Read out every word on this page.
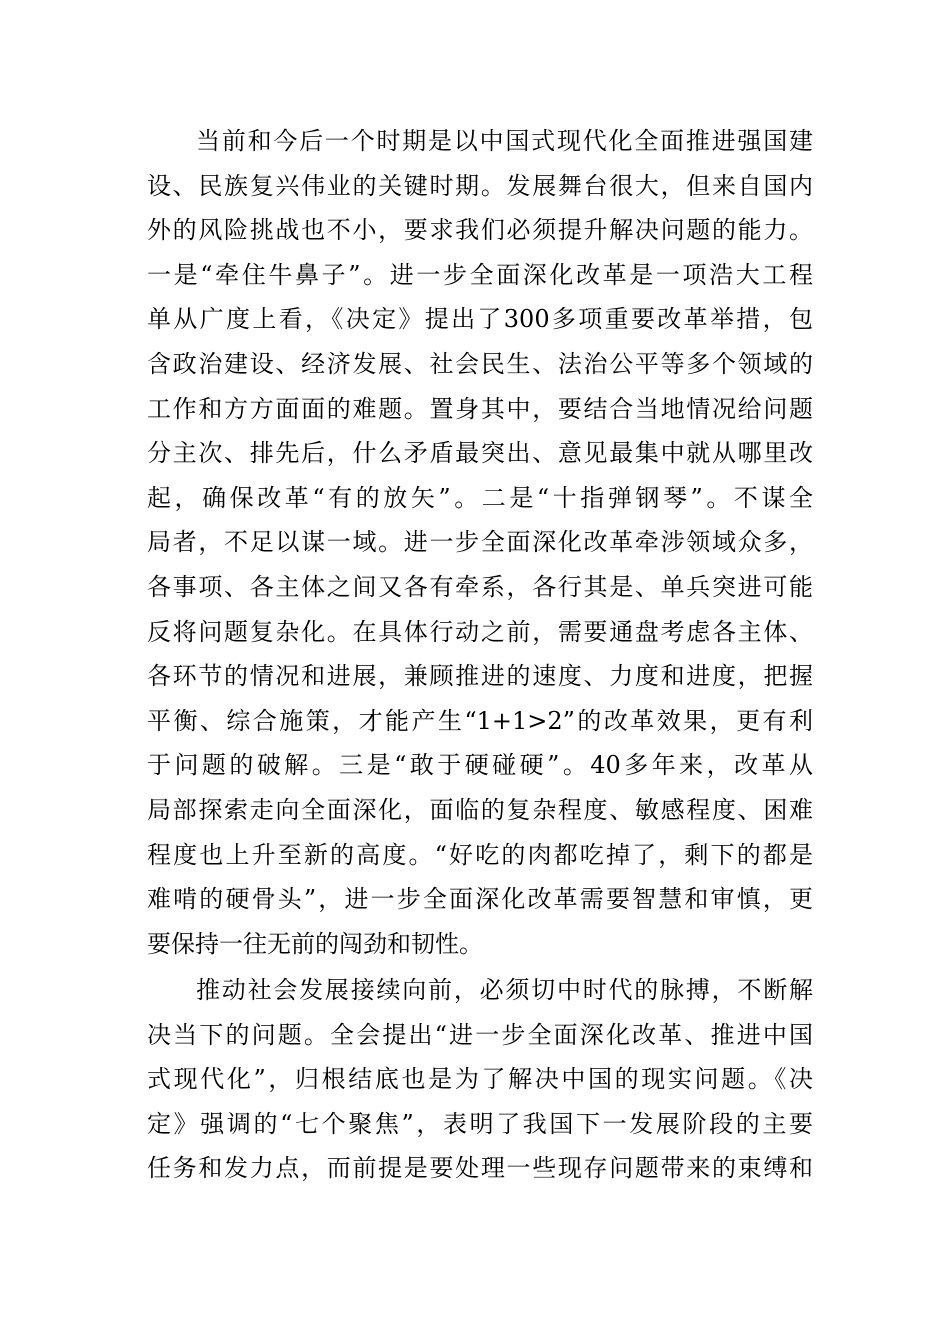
当前和今后一个时期是以中国式现代化全面推进强国建
设、民族复兴伟业的关键时期。发展舞台很大，但来自国内
外的风险挑战也不小，要求我们必须提升解决问题的能力。
一是“牵住牛鼻子”。进一步全面深化改革是一项浩大工程
单从广度上看，《决定》提出了300多项重要改革举措，包
含政治建设、经济发展、社会民生、法治公平等多个领域的
工作和方方面面的难题。置身其中，要结合当地情况给问题
分主次、排先后，什么矛盾最突出、意见最集中就从哪里改
起，确保改革“有的放矢”。二是“十指弹钢琴”。不谋全
局者，不足以谋一域。进一步全面深化改革牵涉领域众多，
各事项、各主体之间又各有牵系，各行其是、单兵突进可能
反将问题复杂化。在具体行动之前，需要通盘考虑各主体、
各环节的情况和进展，兼顾推进的速度、力度和进度，把握
平衡、综合施策，才能产生“1+1>2”的改革效果，更有利
于问题的破解。三是“敢于硬碰硬”。40多年来，改革从
局部探索走向全面深化，面临的复杂程度、敏感程度、困难
程度也上升至新的高度。“好吃的肉都吃掉了，剩下的都是
难啃的硬骨头”，进一步全面深化改革需要智慧和审慎，更
要保持一往无前的闯劲和韧性。
推动社会发展接续向前，必须切中时代的脉搏，不断解
决当下的问题。全会提出“进一步全面深化改革、推进中国
式现代化”，归根结底也是为了解决中国的现实问题。《决
定》强调的“七个聚焦”，表明了我国下一发展阶段的主要
任务和发力点，而前提是要处理一些现存问题带来的束缚和
